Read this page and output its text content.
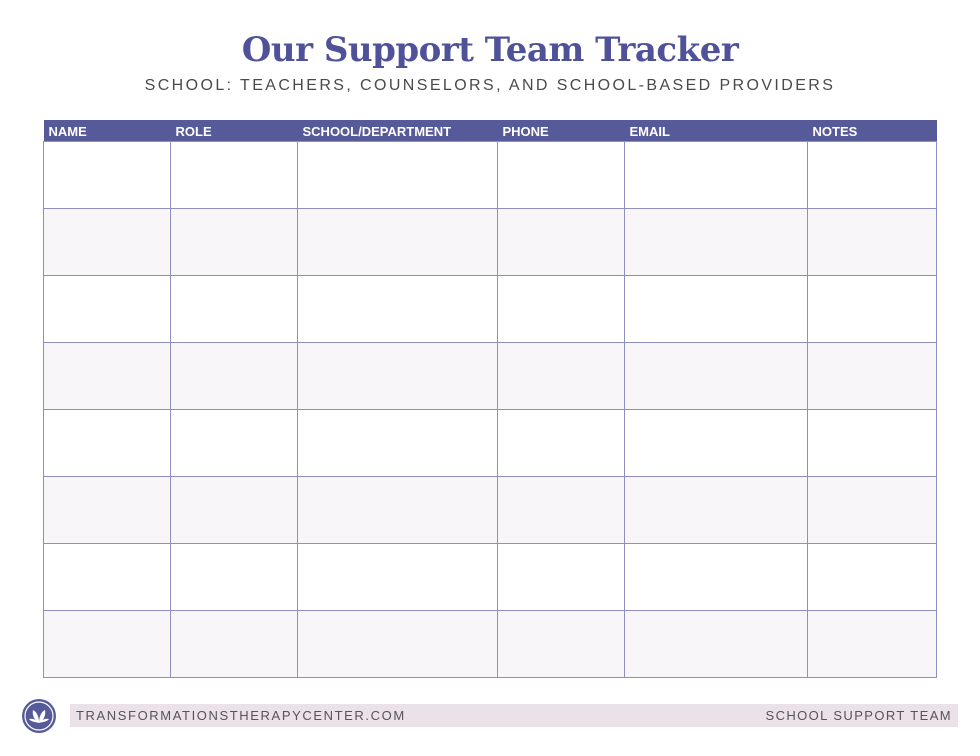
Our Support Team Tracker
SCHOOL: TEACHERS, COUNSELORS, AND SCHOOL-BASED PROVIDERS
NAME	ROLE	SCHOOL/DEPARTMENT	PHONE	EMAIL	NOTES

TRANSFORMATIONSTHERAPYCENTER.COM	SCHOOL SUPPORT TEAM
